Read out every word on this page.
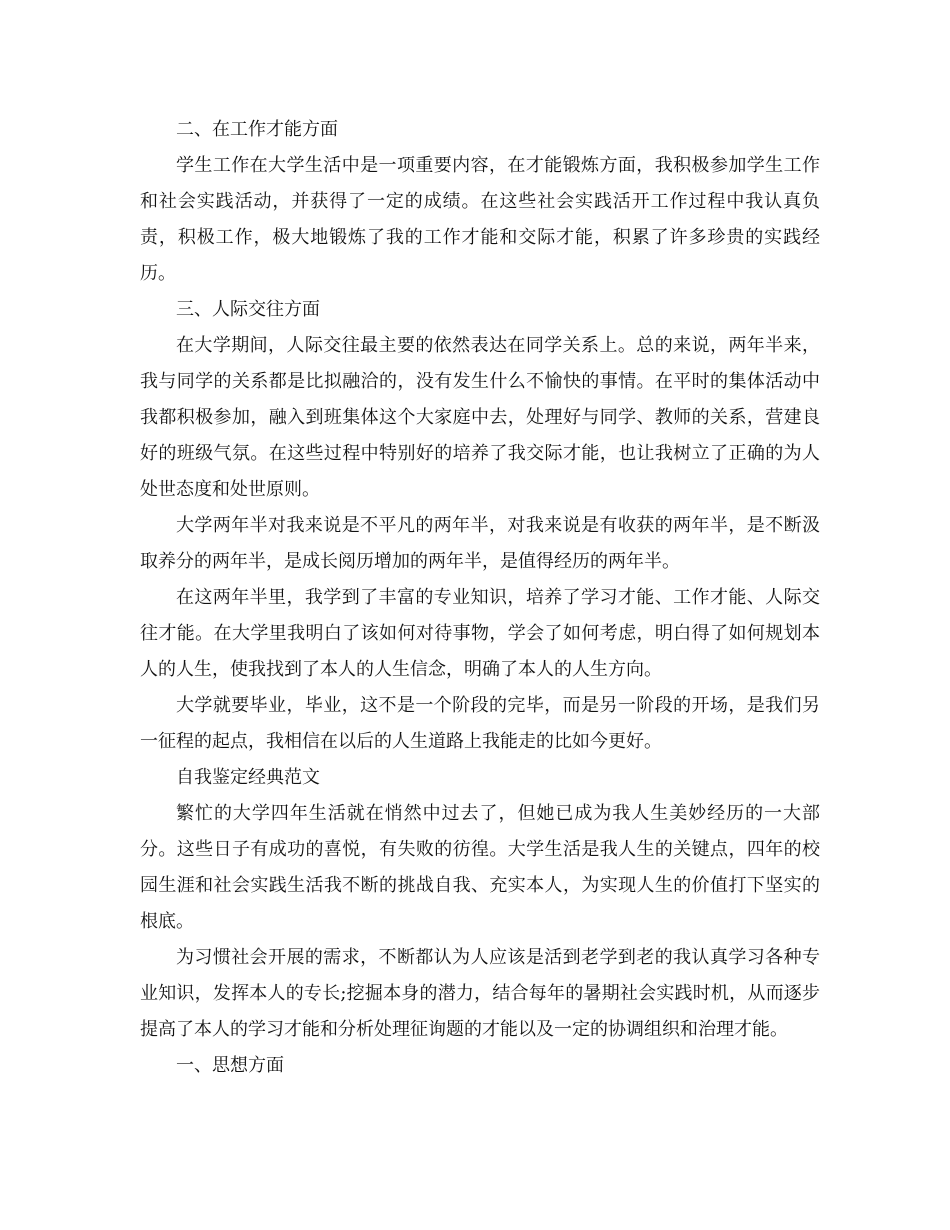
二、在工作才能方面

学生工作在大学生活中是一项重要内容，在才能锻炼方面，我积极参加学生工作和社会实践活动，并获得了一定的成绩。在这些社会实践活开工作过程中我认真负责，积极工作，极大地锻炼了我的工作才能和交际才能，积累了许多珍贵的实践经历。

三、人际交往方面

在大学期间，人际交往最主要的依然表达在同学关系上。总的来说，两年半来，我与同学的关系都是比拟融洽的，没有发生什么不愉快的事情。在平时的集体活动中我都积极参加，融入到班集体这个大家庭中去，处理好与同学、教师的关系，营建良好的班级气氛。在这些过程中特别好的培养了我交际才能，也让我树立了正确的为人处世态度和处世原则。

大学两年半对我来说是不平凡的两年半，对我来说是有收获的两年半，是不断汲取养分的两年半，是成长阅历增加的两年半，是值得经历的两年半。

在这两年半里，我学到了丰富的专业知识，培养了学习才能、工作才能、人际交往才能。在大学里我明白了该如何对待事物，学会了如何考虑，明白得了如何规划本人的人生，使我找到了本人的人生信念，明确了本人的人生方向。

大学就要毕业，毕业，这不是一个阶段的完毕，而是另一阶段的开场，是我们另一征程的起点，我相信在以后的人生道路上我能走的比如今更好。

自我鉴定经典范文

繁忙的大学四年生活就在悄然中过去了，但她已成为我人生美妙经历的一大部分。这些日子有成功的喜悦，有失败的彷徨。大学生活是我人生的关键点，四年的校园生涯和社会实践生活我不断的挑战自我、充实本人，为实现人生的价值打下坚实的根底。

为习惯社会开展的需求，不断都认为人应该是活到老学到老的我认真学习各种专业知识，发挥本人的专长;挖掘本身的潜力，结合每年的暑期社会实践时机，从而逐步提高了本人的学习才能和分析处理征询题的才能以及一定的协调组织和治理才能。

一、思想方面
